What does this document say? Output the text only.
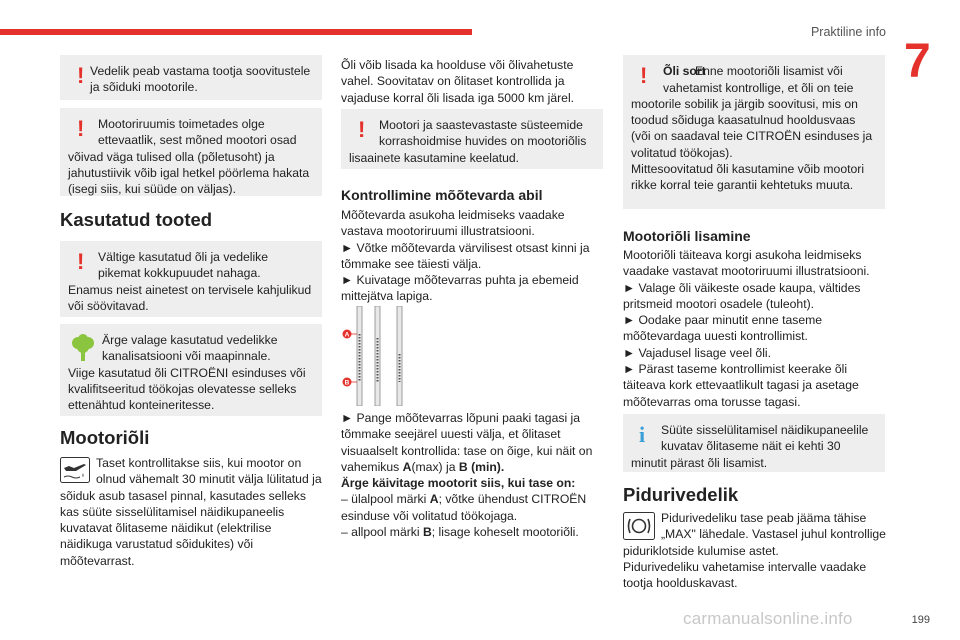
Praktiline info
7
! Vedelik peab vastama tootja soovitustele ja sõiduki mootorile.

! Mootoriruumis toimetades olge ettevaatlik, sest mõned mootori osad võivad väga tulised olla (põletusoht) ja jahutustiivik võib igal hetkel pöörlema hakata (isegi siis, kui süüde on väljas).

Kasutatud tooted

! Vältige kasutatud õli ja vedelike pikemat kokkupuudet nahaga.

Enamus neist ainetest on tervisele kahjulikud või söövitavad.

Ärge valage kasutatud vedelikke kanalisatsiooni või maapinnale.

Viige kasutatud õli CITROËNI esinduses või kvalifitseeritud töökojas olevatesse selleks ettenähtud konteineritesse.

Mootoriõli

Taset kontrollitakse siis, kui mootor on olnud vähemalt 30 minutit välja lülitatud ja sõiduk asub tasasel pinnal, kasutades selleks kas süüte sisselülitamisel näidikupaneelis kuvatavat õlitaseme näidikut (elektrilise näidikuga varustatud sõidukites) või mõõtevarrast.

Õli võib lisada ka hoolduse või õlivahetuste vahel. Soovitatav on õlitaset kontrollida ja vajaduse korral õli lisada iga 5000 km järel.

! Mootori ja saastevastaste süsteemide korrashoidmise huvides on mootoriõlis lisaainete kasutamine keelatud.

Kontrollimine mõõtevarda abil

Mõõtevarda asukoha leidmiseks vaadake vastava mootoriruumi illustratsiooni.

► Võtke mõõtevarda värvilisest otsast kinni ja tõmmake see täiesti välja.

► Kuivatage mõõtevarras puhta ja ebemeid mittejätva lapiga.

A
B

► Pange mõõtevarras lõpuni paaki tagasi ja tõmmake seejärel uuesti välja, et õlitaset visuaalselt kontrollida: tase on õige, kui näit on vahemikus A(max) ja B (min).

Ärge käivitage mootorit siis, kui tase on:

– ülalpool märki A; võtke ühendust CITROËN esinduse või volitatud töökojaga.

– allpool märki B; lisage koheselt mootoriõli.

! Õli sort

Enne mootoriõli lisamist või vahetamist kontrollige, et õli on teie mootorile sobilik ja järgib soovitusi, mis on toodud sõiduga kaasatulnud hooldusvaas (või on saadaval teie CITROËN esinduses ja volitatud töökojas).

Mittesoovitatud õli kasutamine võib mootori rikke korral teie garantii kehtetuks muuta.

Mootoriõli lisamine

Mootoriõli täiteava korgi asukoha leidmiseks vaadake vastavat mootoriruumi illustratsiooni.

► Valage õli väikeste osade kaupa, vältides pritsmeid mootori osadele (tuleoht).

► Oodake paar minutit enne taseme mõõtevardaga uuesti kontrollimist.

► Vajadusel lisage veel õli.

► Pärast taseme kontrollimist keerake õli täiteava kork ettevaatlikult tagasi ja asetage mõõtevarras oma torusse tagasi.

i Süüte sisselülitamisel näidikupaneelile kuvatav õlitaseme näit ei kehti 30 minutit pärast õli lisamist.

Pidurivedelik

Pidurivedeliku tase peab jääma tähise „MAX" lähedale. Vastasel juhul kontrollige piduriklotside kulumise astet.

Pidurivedeliku vahetamise intervalle vaadake tootja hoolduskavast.

carmanualsonline.info	199
